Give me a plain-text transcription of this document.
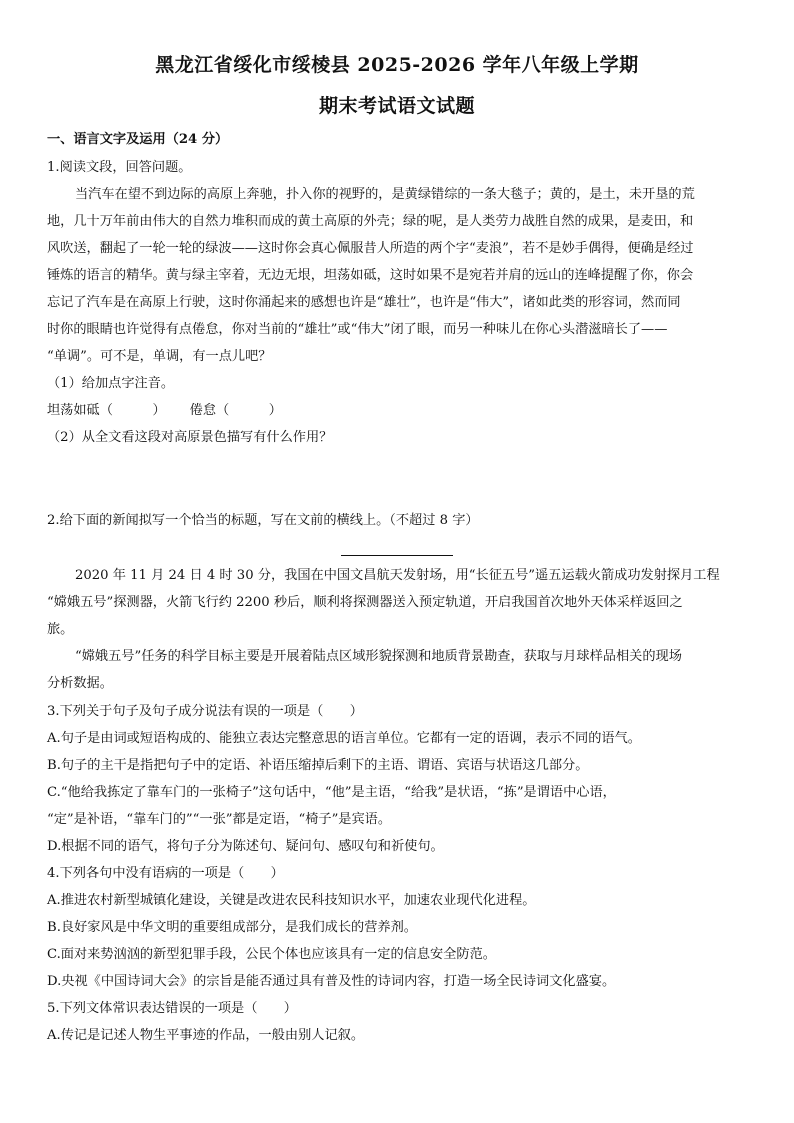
黑龙江省绥化市绥棱县 2025-2026 学年八年级上学期
期末考试语文试题
一、语言文字及运用（24 分）
1.阅读文段，回答问题。
当汽车在望不到边际的高原上奔驰，扑入你的视野的，是黄绿错综的一条大毯子；黄的，是土，未开垦的荒
地，几十万年前由伟大的自然力堆积而成的黄土高原的外壳；绿的呢，是人类劳力战胜自然的成果，是麦田，和
风吹送，翻起了一轮一轮的绿波——这时你会真心佩服昔人所造的两个字“麦浪”，若不是妙手偶得，便确是经过
锤炼的语言的精华。黄与绿主宰着，无边无垠，坦荡如砥，这时如果不是宛若并肩的远山的连峰提醒了你，你会
忘记了汽车是在高原上行驶，这时你涌起来的感想也许是“雄壮”，也许是“伟大”，诸如此类的形容词，然而同
时你的眼睛也许觉得有点倦怠，你对当前的“雄壮”或“伟大”闭了眼，而另一种味儿在你心头潜滋暗长了——
“单调”。可不是，单调，有一点儿吧？
（1）给加点字注音。
坦荡如砥（　　　）　　 倦怠（　　　）
（2）从全文看这段对高原景色描写有什么作用？
2.给下面的新闻拟写一个恰当的标题，写在文前的横线上。（不超过 8 字）
2020 年 11 月 24 日 4 时 30 分，我国在中国文昌航天发射场，用“长征五号”遥五运载火箭成功发射探月工程
“嫦娥五号”探测器，火箭飞行约 2200 秒后，顺利将探测器送入预定轨道，开启我国首次地外天体采样返回之
旅。
“嫦娥五号”任务的科学目标主要是开展着陆点区域形貌探测和地质背景勘查，获取与月球样品相关的现场
分析数据。
3.下列关于句子及句子成分说法有误的一项是（　　）
A.句子是由词或短语构成的、能独立表达完整意思的语言单位。它都有一定的语调，表示不同的语气。
B.句子的主干是指把句子中的定语、补语压缩掉后剩下的主语、谓语、宾语与状语这几部分。
C.“他给我拣定了靠车门的一张椅子”这句话中，“他”是主语，“给我”是状语，“拣”是谓语中心语，
“定”是补语，“靠车门的”“一张”都是定语，“椅子”是宾语。
D.根据不同的语气，将句子分为陈述句、疑问句、感叹句和祈使句。
4.下列各句中没有语病的一项是（　　）
A.推进农村新型城镇化建设，关键是改进农民科技知识水平，加速农业现代化进程。
B.良好家风是中华文明的重要组成部分，是我们成长的营养剂。
C.面对来势汹汹的新型犯罪手段，公民个体也应该具有一定的信息安全防范。
D.央视《中国诗词大会》的宗旨是能否通过具有普及性的诗词内容，打造一场全民诗词文化盛宴。
5.下列文体常识表达错误的一项是（　　）
A.传记是记述人物生平事迹的作品，一般由别人记叙。
